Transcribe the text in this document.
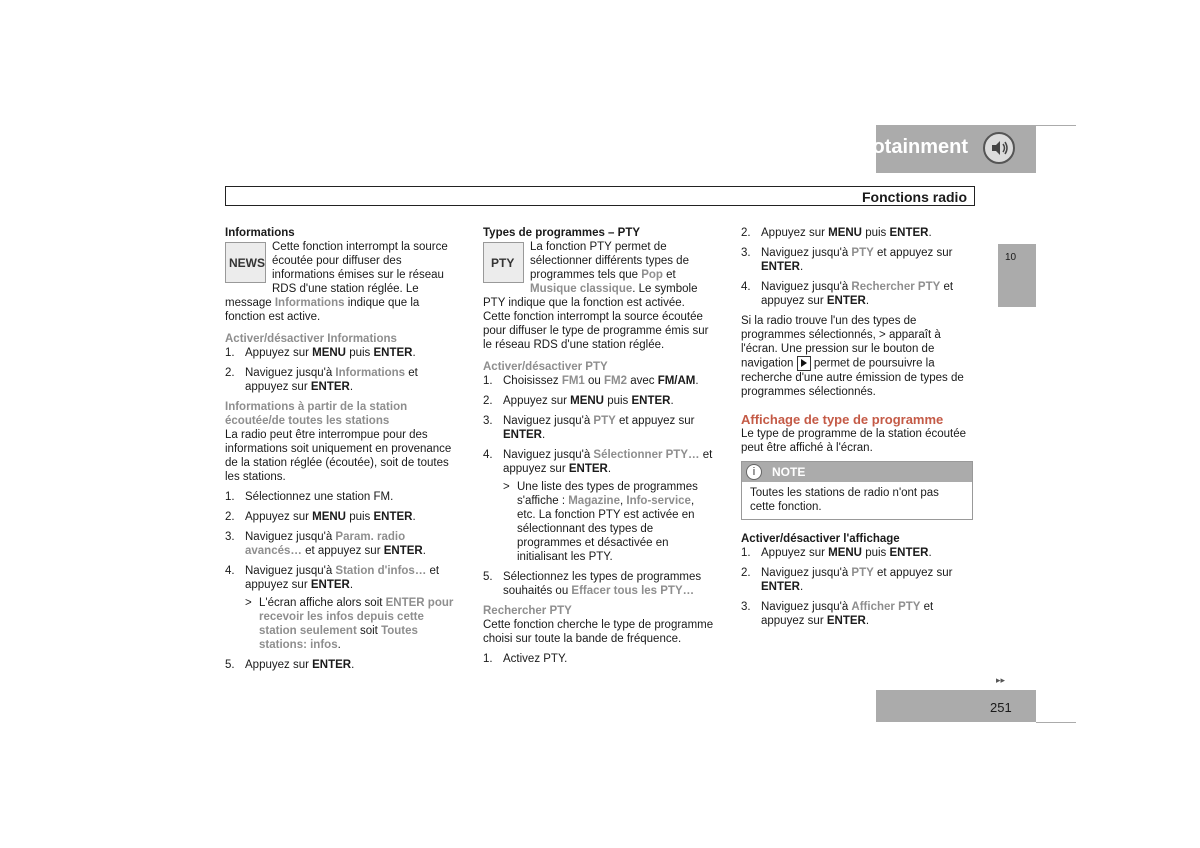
10 Infotainment
Fonctions radio
10

Informations

NEWS

Cette fonction interrompt la source écoutée pour diffuser des informations émises sur le réseau RDS d'une station réglée. Le message Informations indique que la fonction est active.

Activer/désactiver Informations

1. Appuyez sur MENU puis ENTER.
2. Naviguez jusqu'à Informations et appuyez sur ENTER.

Informations à partir de la station écoutée/de toutes les stations

La radio peut être interrompue pour des informations soit uniquement en provenance de la station réglée (écoutée), soit de toutes les stations.

1. Sélectionnez une station FM.
2. Appuyez sur MENU puis ENTER.
3. Naviguez jusqu'à Param. radio avancés… et appuyez sur ENTER.
4. Naviguez jusqu'à Station d'infos… et appuyez sur ENTER.
> L'écran affiche alors soit ENTER pour recevoir les infos depuis cette station seulement soit Toutes stations: infos.
5. Appuyez sur ENTER.

Types de programmes – PTY

PTY

La fonction PTY permet de sélectionner différents types de programmes tels que Pop et Musique classique. Le symbole PTY indique que la fonction est activée. Cette fonction interrompt la source écoutée pour diffuser le type de programme émis sur le réseau RDS d'une station réglée.

Activer/désactiver PTY

1. Choisissez FM1 ou FM2 avec FM/AM.
2. Appuyez sur MENU puis ENTER.
3. Naviguez jusqu'à PTY et appuyez sur ENTER.
4. Naviguez jusqu'à Sélectionner PTY… et appuyez sur ENTER.
> Une liste des types de programmes s'affiche : Magazine, Info-service, etc. La fonction PTY est activée en sélectionnant des types de programmes et désactivée en initialisant les PTY.
5. Sélectionnez les types de programmes souhaités ou Effacer tous les PTY…

Rechercher PTY

Cette fonction cherche le type de programme choisi sur toute la bande de fréquence.

1. Activez PTY.
2. Appuyez sur MENU puis ENTER.
3. Naviguez jusqu'à PTY et appuyez sur ENTER.
4. Naviguez jusqu'à Rechercher PTY et appuyez sur ENTER.

Si la radio trouve l'un des types de programmes sélectionnés, > apparaît à l'écran. Une pression sur le bouton de navigation  permet de poursuivre la recherche d'une autre émission de types de programmes sélectionnés.

Affichage de type de programme

Le type de programme de la station écoutée peut être affiché à l'écran.

i	NOTE
Toutes les stations de radio n'ont pas cette fonction.

Activer/désactiver l'affichage

1. Appuyez sur MENU puis ENTER.
2. Naviguez jusqu'à PTY et appuyez sur ENTER.
3. Naviguez jusqu'à Afficher PTY et appuyez sur ENTER.
▸▸
251
